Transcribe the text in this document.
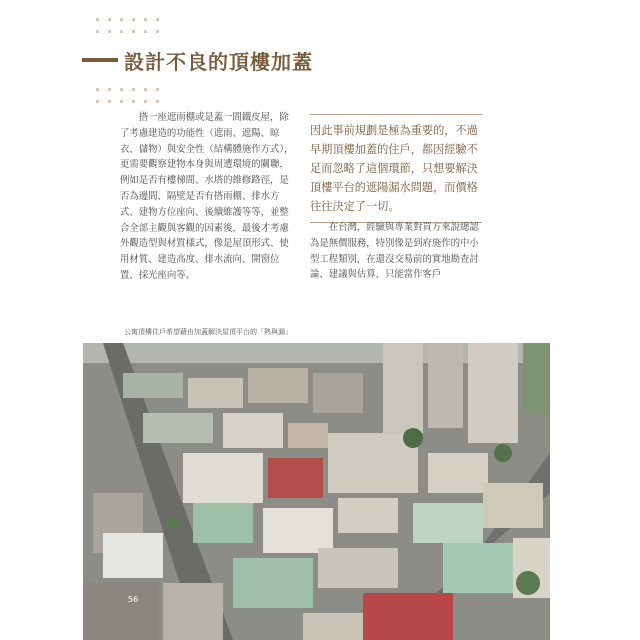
設計不良的頂樓加蓋

搭一座遮雨棚或是蓋一間鐵皮屋，除了考慮建造的功能性（遮雨、遮陽、晾衣、儲物）與安全性（結構體施作方式），更需要觀察建物本身與周遭環境的關聯，例如是否有樓梯間、水塔的維修路徑，是否為邊間、隔壁是否有搭雨棚、排水方式、建物方位座向、後續維護等等，並整合全部主觀與客觀的因素後，最後才考慮外觀造型與材質樣式，像是屋頂形式、使用材質、建造高度、排水流向、開窗位置、採光座向等。

因此事前規劃是極為重要的，不過早期頂樓加蓋的住戶，都因經驗不足而忽略了這個環節，只想要解決頂樓平台的遮陽漏水問題，而價格往往決定了一切。

在台灣，經驗與專業對買方來說總認為是無價服務，特別像是到府施作的中小型工程類別，在還沒交易前的實地勘查討論、建議與估算，只能當作客戶

公寓頂樓住戶希望藉由加蓋解決屋頂平台的「熱與漏」
56
